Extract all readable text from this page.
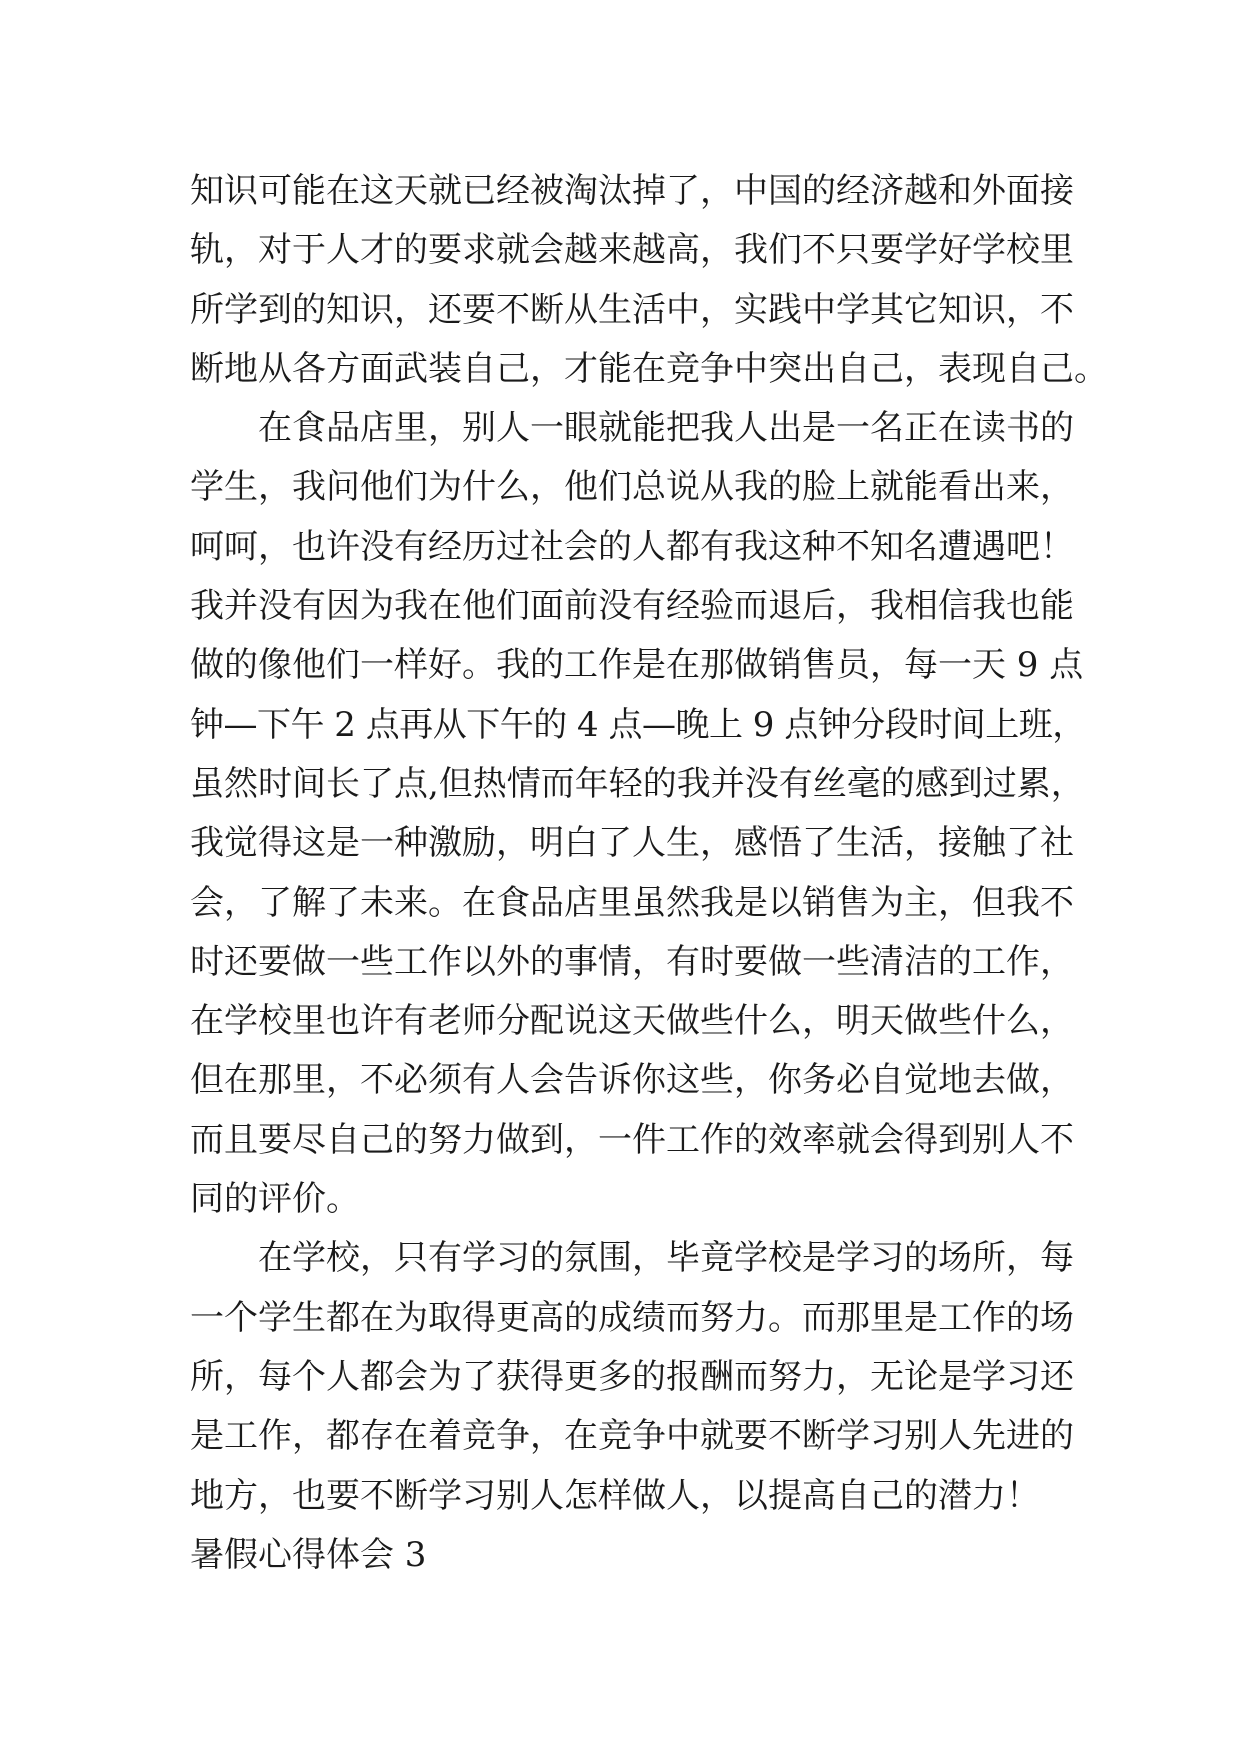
知识可能在这天就已经被淘汰掉了，中国的经济越和外面接
轨，对于人才的要求就会越来越高，我们不只要学好学校里
所学到的知识，还要不断从生活中，实践中学其它知识，不
断地从各方面武装自己，才能在竞争中突出自己，表现自己。
在食品店里，别人一眼就能把我人出是一名正在读书的
学生，我问他们为什么，他们总说从我的脸上就能看出来，
呵呵，也许没有经历过社会的人都有我这种不知名遭遇吧！
我并没有因为我在他们面前没有经验而退后，我相信我也能
做的像他们一样好。我的工作是在那做销售员，每一天 9 点
钟—下午 2 点再从下午的 4 点—晚上 9 点钟分段时间上班，
虽然时间长了点,但热情而年轻的我并没有丝毫的感到过累，
我觉得这是一种激励，明白了人生，感悟了生活，接触了社
会，了解了未来。在食品店里虽然我是以销售为主，但我不
时还要做一些工作以外的事情，有时要做一些清洁的工作，
在学校里也许有老师分配说这天做些什么，明天做些什么，
但在那里，不必须有人会告诉你这些，你务必自觉地去做，
而且要尽自己的努力做到，一件工作的效率就会得到别人不
同的评价。
在学校，只有学习的氛围，毕竟学校是学习的场所，每
一个学生都在为取得更高的成绩而努力。而那里是工作的场
所，每个人都会为了获得更多的报酬而努力，无论是学习还
是工作，都存在着竞争，在竞争中就要不断学习别人先进的
地方，也要不断学习别人怎样做人，以提高自己的潜力！
暑假心得体会 3
